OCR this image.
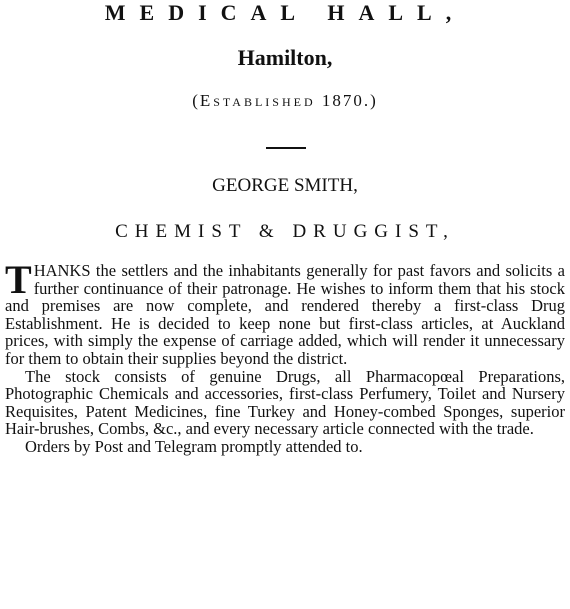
MEDICAL HALL,
Hamilton,
(Established 1870.)
GEORGE SMITH,
CHEMIST & DRUGGIST,

THANKS the settlers and the inhabitants generally for past favors and solicits a further continuance of their patronage. He wishes to inform them that his stock and premises are now complete, and rendered thereby a first-class Drug Establishment. He is decided to keep none but first-class articles, at Auckland prices, with simply the expense of carriage added, which will render it unnecessary for them to obtain their supplies beyond the district.

The stock consists of genuine Drugs, all Pharmacopœal Preparations, Photographic Chemicals and accessories, first-class Perfumery, Toilet and Nursery Requisites, Patent Medicines, fine Turkey and Honey-combed Sponges, superior Hair-brushes, Combs, &c., and every necessary article connected with the trade.

Orders by Post and Telegram promptly attended to.
